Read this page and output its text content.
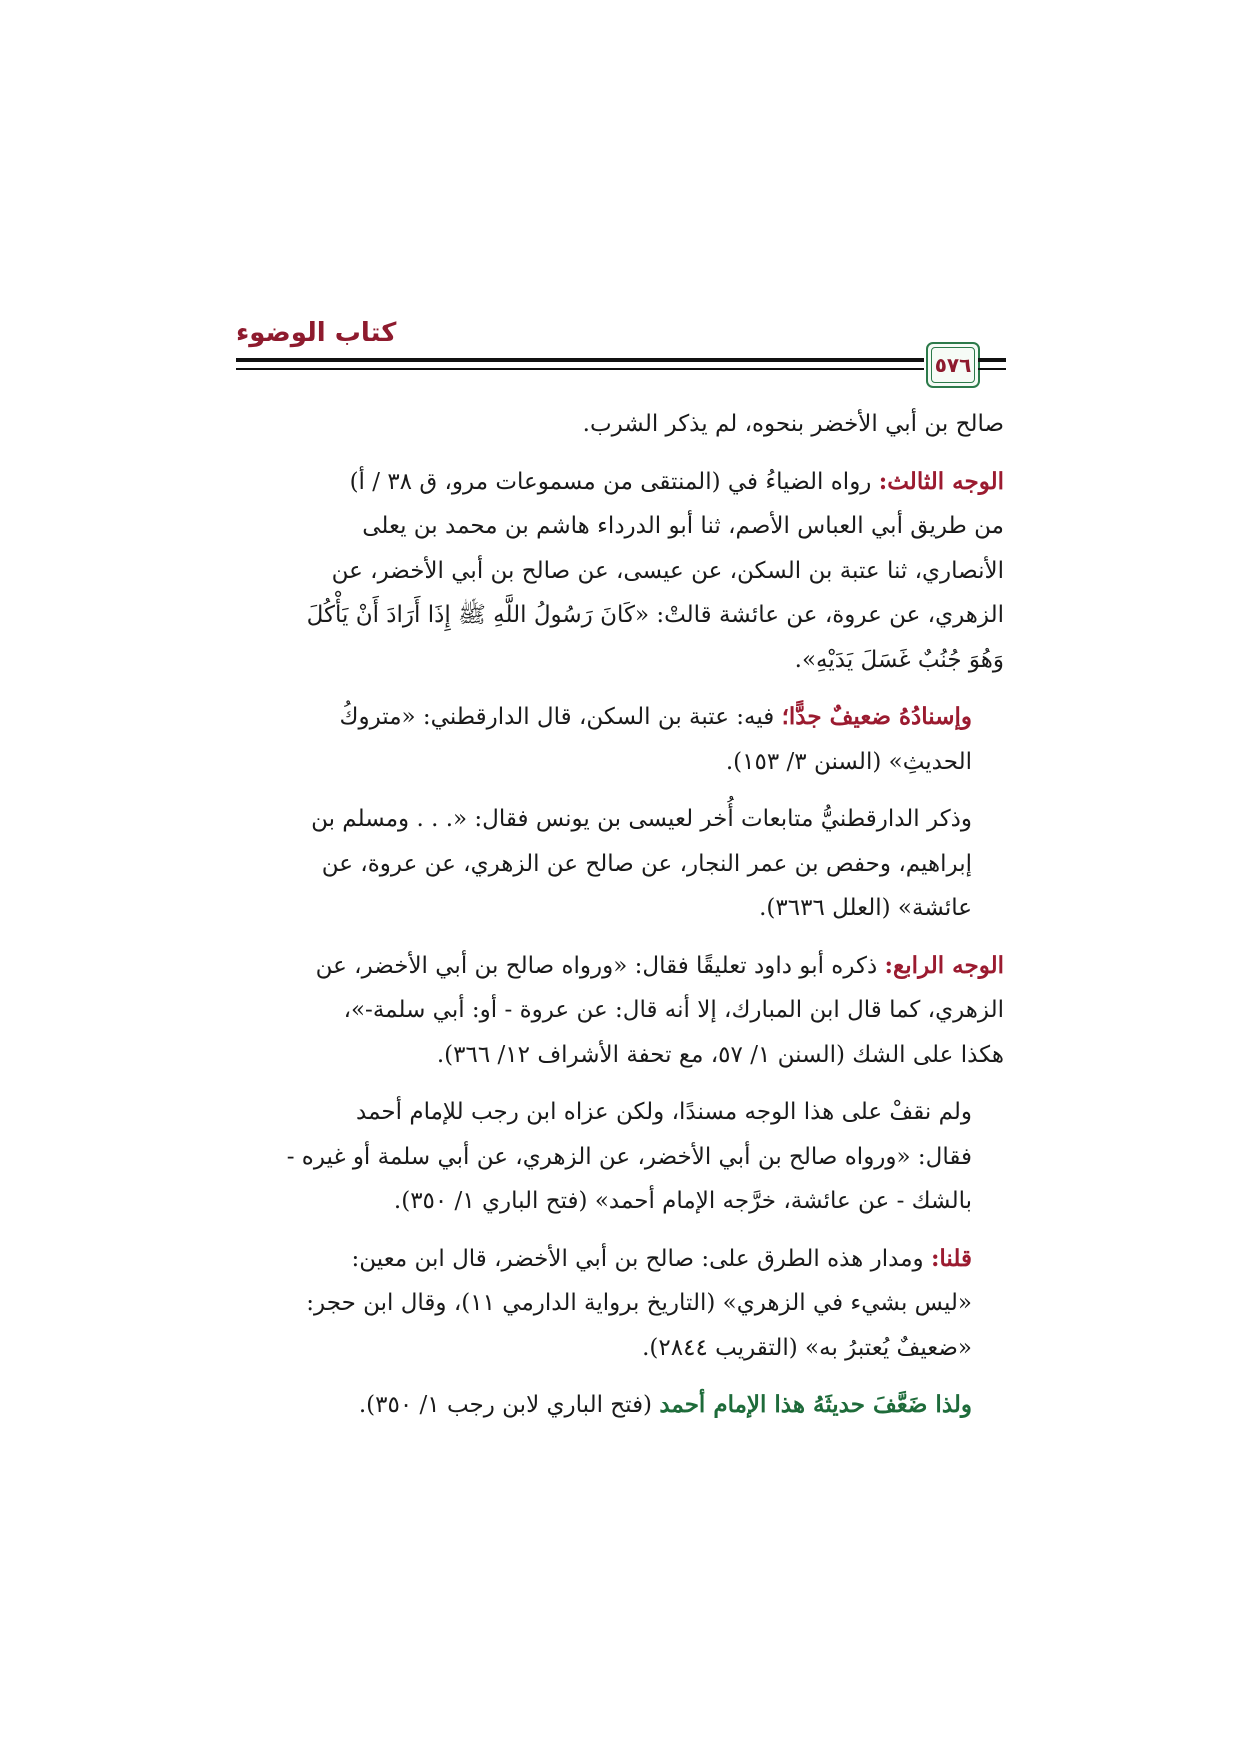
كتاب الوضوء
٥٧٦

صالح بن أبي الأخضر بنحوه، لم يذكر الشرب.

الوجه الثالث: رواه الضياءُ في (المنتقى من مسموعات مرو، ق ٣٨ / أ)
من طريق أبي العباس الأصم، ثنا أبو الدرداء هاشم بن محمد بن يعلى
الأنصاري، ثنا عتبة بن السكن، عن عيسى، عن صالح بن أبي الأخضر، عن
الزهري، عن عروة، عن عائشة قالتْ: «كَانَ رَسُولُ اللَّهِ ﷺ إِذَا أَرَادَ أَنْ يَأْكُلَ
وَهُوَ جُنُبٌ غَسَلَ يَدَيْهِ».

وإسنادُهُ ضعيفٌ جدًّا؛ فيه: عتبة بن السكن، قال الدارقطني: «متروكُ
الحديثِ» (السنن ٣/ ١٥٣).

وذكر الدارقطنيُّ متابعات أُخر لعيسى بن يونس فقال: «. . . ومسلم بن
إبراهيم، وحفص بن عمر النجار، عن صالح عن الزهري، عن عروة، عن
عائشة» (العلل ٣٦٣٦).

الوجه الرابع: ذكره أبو داود تعليقًا فقال: «ورواه صالح بن أبي الأخضر، عن
الزهري، كما قال ابن المبارك، إلا أنه قال: عن عروة - أو: أبي سلمة-»،
هكذا على الشك (السنن ١/ ٥٧، مع تحفة الأشراف ١٢/ ٣٦٦).

ولم نقفْ على هذا الوجه مسندًا، ولكن عزاه ابن رجب للإمام أحمد
فقال: «ورواه صالح بن أبي الأخضر، عن الزهري، عن أبي سلمة أو غيره -
بالشك - عن عائشة، خرَّجه الإمام أحمد» (فتح الباري ١/ ٣٥٠).

قلنا: ومدار هذه الطرق على: صالح بن أبي الأخضر، قال ابن معين:
«ليس بشيء في الزهري» (التاريخ برواية الدارمي ١١)، وقال ابن حجر:
«ضعيفٌ يُعتبرُ به» (التقريب ٢٨٤٤).

ولذا ضَعَّفَ حديثَهُ هذا الإمام أحمد (فتح الباري لابن رجب ١/ ٣٥٠).
